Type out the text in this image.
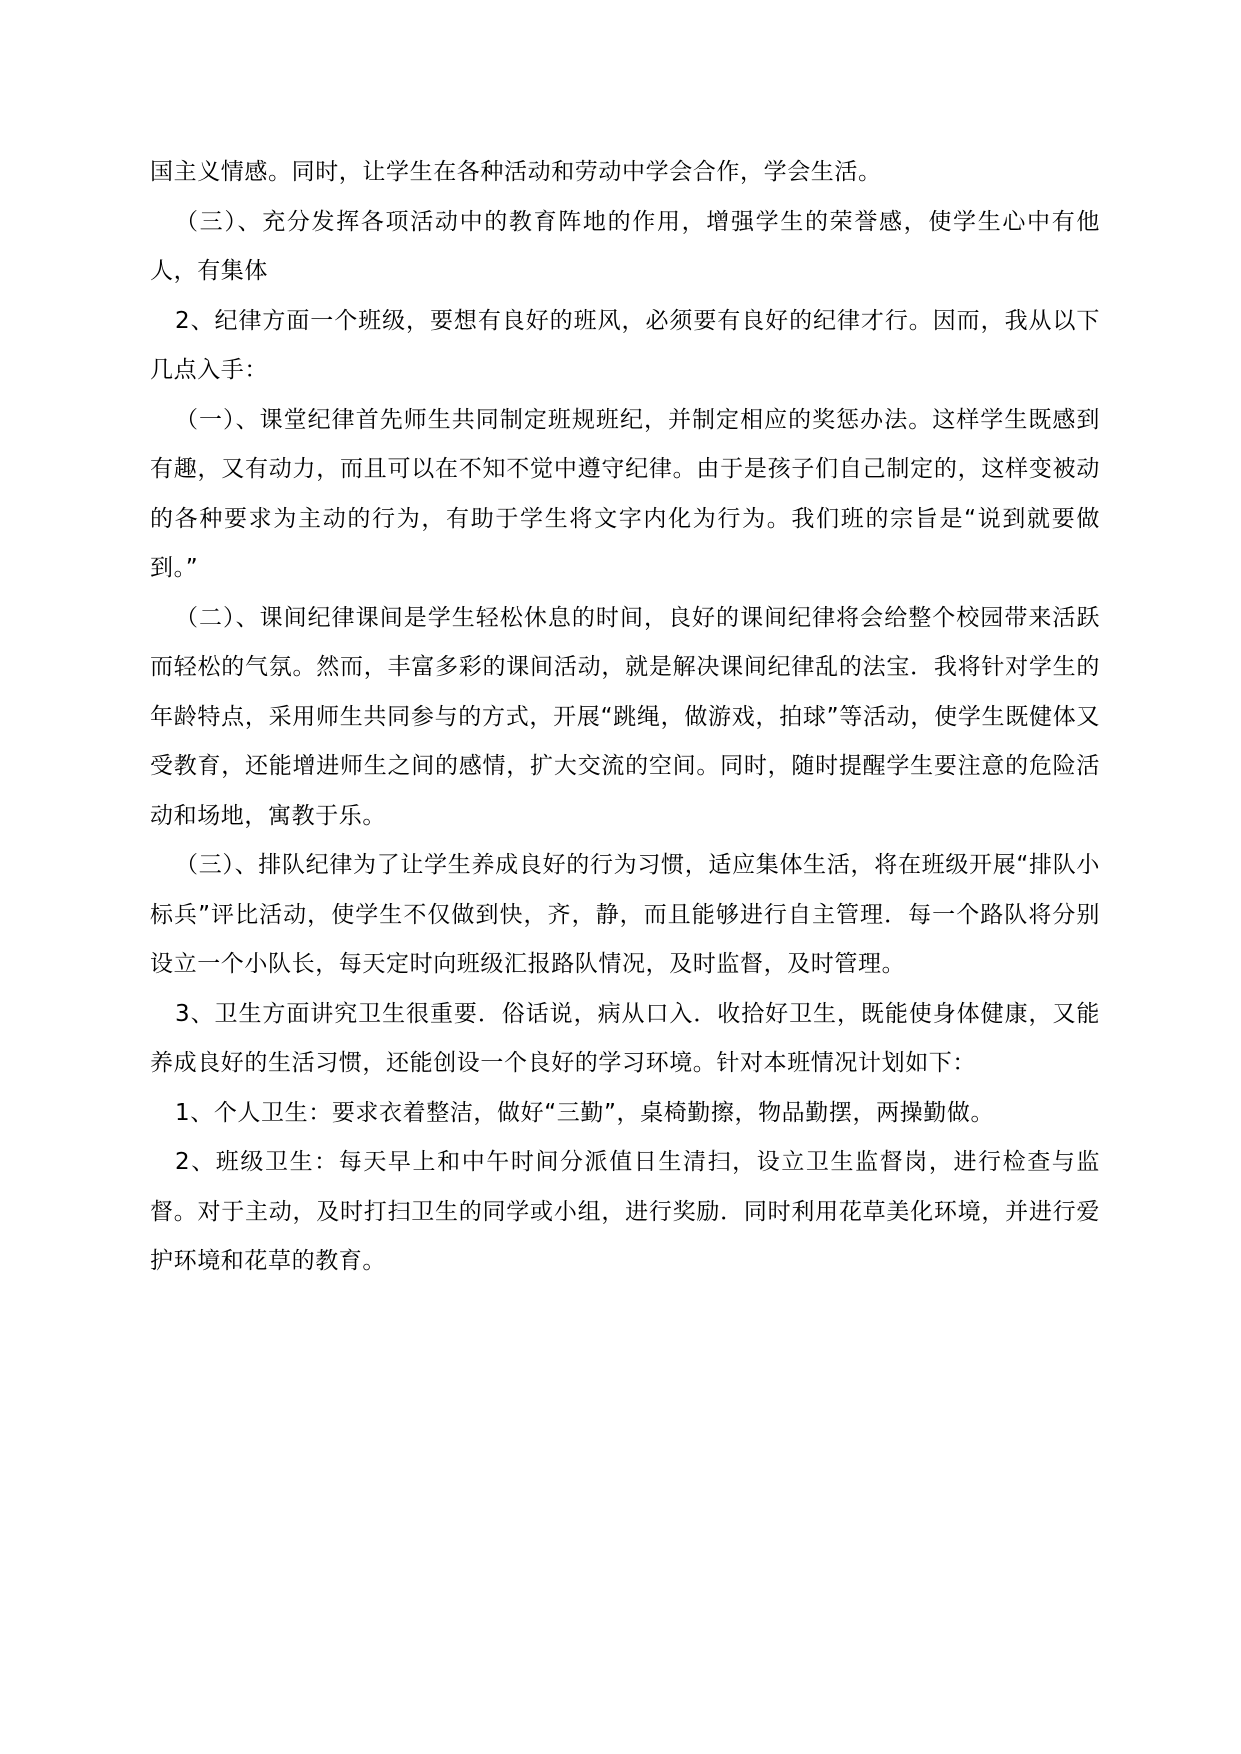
国主义情感。同时，让学生在各种活动和劳动中学会合作，学会生活。

（三）、充分发挥各项活动中的教育阵地的作用，增强学生的荣誉感，使学生心中有他人，有集体

2、纪律方面一个班级，要想有良好的班风，必须要有良好的纪律才行。因而，我从以下几点入手：

（一）、课堂纪律首先师生共同制定班规班纪，并制定相应的奖惩办法。这样学生既感到有趣，又有动力，而且可以在不知不觉中遵守纪律。由于是孩子们自己制定的，这样变被动的各种要求为主动的行为，有助于学生将文字内化为行为。我们班的宗旨是“说到就要做到。”

（二）、课间纪律课间是学生轻松休息的时间，良好的课间纪律将会给整个校园带来活跃而轻松的气氛。然而，丰富多彩的课间活动，就是解决课间纪律乱的法宝．我将针对学生的年龄特点，采用师生共同参与的方式，开展“跳绳，做游戏，拍球”等活动，使学生既健体又受教育，还能增进师生之间的感情，扩大交流的空间。同时，随时提醒学生要注意的危险活动和场地，寓教于乐。

（三）、排队纪律为了让学生养成良好的行为习惯，适应集体生活，将在班级开展“排队小标兵”评比活动，使学生不仅做到快，齐，静，而且能够进行自主管理．每一个路队将分别设立一个小队长，每天定时向班级汇报路队情况，及时监督，及时管理。

3、卫生方面讲究卫生很重要．俗话说，病从口入．收拾好卫生，既能使身体健康，又能养成良好的生活习惯，还能创设一个良好的学习环境。针对本班情况计划如下：

1、个人卫生：要求衣着整洁，做好“三勤”，桌椅勤擦，物品勤摆，两操勤做。

2、班级卫生：每天早上和中午时间分派值日生清扫，设立卫生监督岗，进行检查与监督。对于主动，及时打扫卫生的同学或小组，进行奖励．同时利用花草美化环境，并进行爱护环境和花草的教育。
